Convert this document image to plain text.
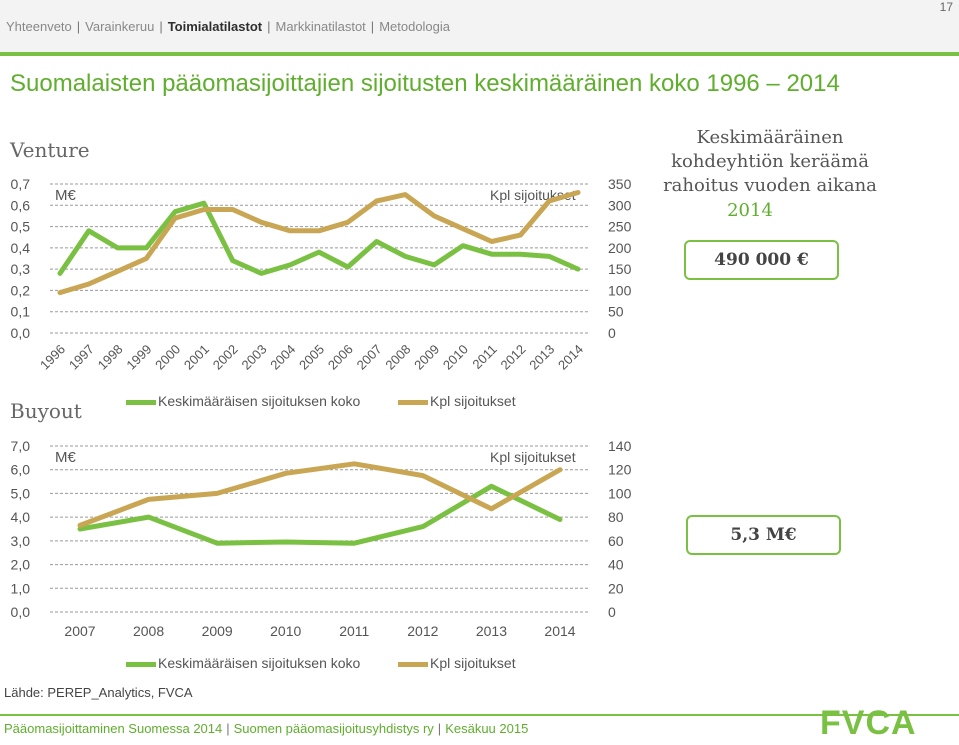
Yhteenveto | Varainkeruu | Toimialatilastot | Markkinatilastot | Metodologia
17
Suomalaisten pääomasijoittajien sijoitusten keskimääräinen koko 1996 – 2014
Venture
Buyout
Keskimääräinen kohdeyhtiön keräämä rahoitus vuoden aikana
2014
490 000 €
5,3 M€
0,0	0
0,1	50
0,2	100
0,3	150
0,4	200
0,5	250
0,6	300
0,7	350
M€	Kpl sijoitukset
1996
1997
1998
1999
2000
2001
2002
2003
2004
2005
2006
2007
2008
2009
2010
2011
2012
2013
2014
0,0	0
1,0	20
2,0	40
3,0	60
4,0	80
5,0	100
6,0	120
7,0	140
M€	Kpl sijoitukset
2007	2008	2009	2010	2011	2012	2013	2014
Keskimääräisen sijoituksen koko	Kpl sijoitukset
Keskimääräisen sijoituksen koko	Kpl sijoitukset
Lähde: PEREP_Analytics, FVCA
Pääomasijoittaminen Suomessa 2014 | Suomen pääomasijoitusyhdistys ry | Kesäkuu 2015	FVCA
